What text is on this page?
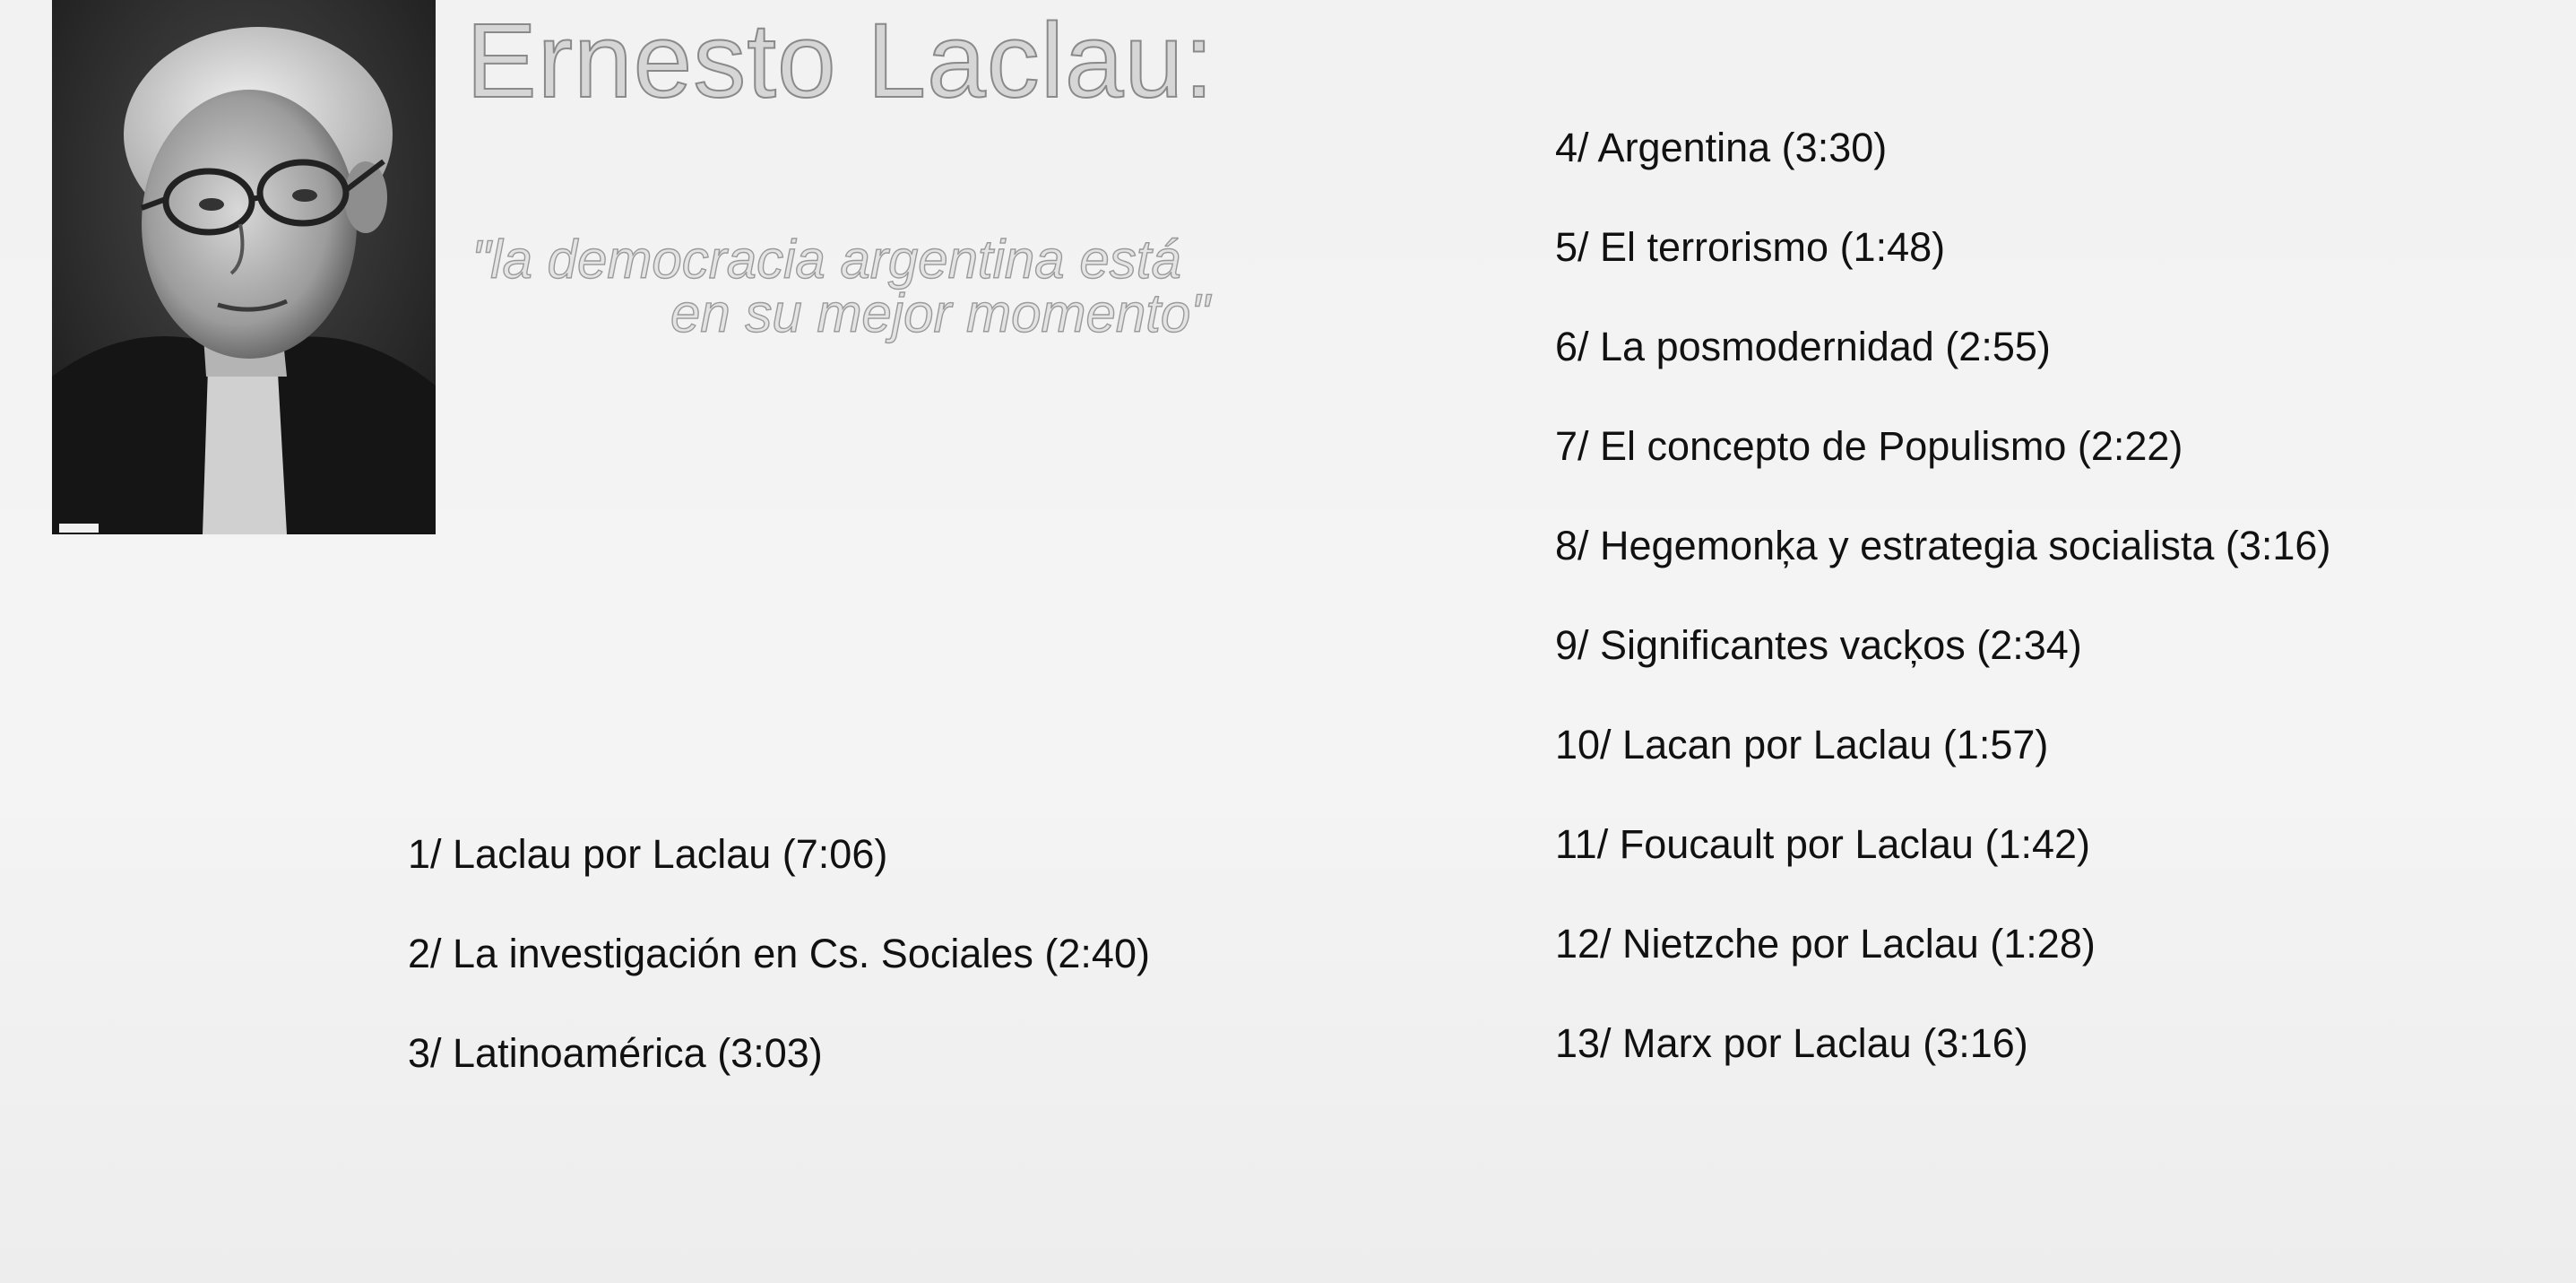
Ernesto Laclau:
"la democracia argentina está
en su mejor momento"
1/ Laclau por Laclau (7:06)
2/ La investigación en Cs. Sociales (2:40)
3/ Latinoamérica (3:03)
4/ Argentina (3:30)
5/ El terrorismo (1:48)
6/ La posmodernidad (2:55)
7/ El concepto de Populismo (2:22)
8/ Hegemonķa y estrategia socialista (3:16)
9/ Significantes vacķos (2:34)
10/ Lacan por Laclau (1:57)
11/ Foucault por Laclau (1:42)
12/ Nietzche por Laclau (1:28)
13/ Marx por Laclau (3:16)
